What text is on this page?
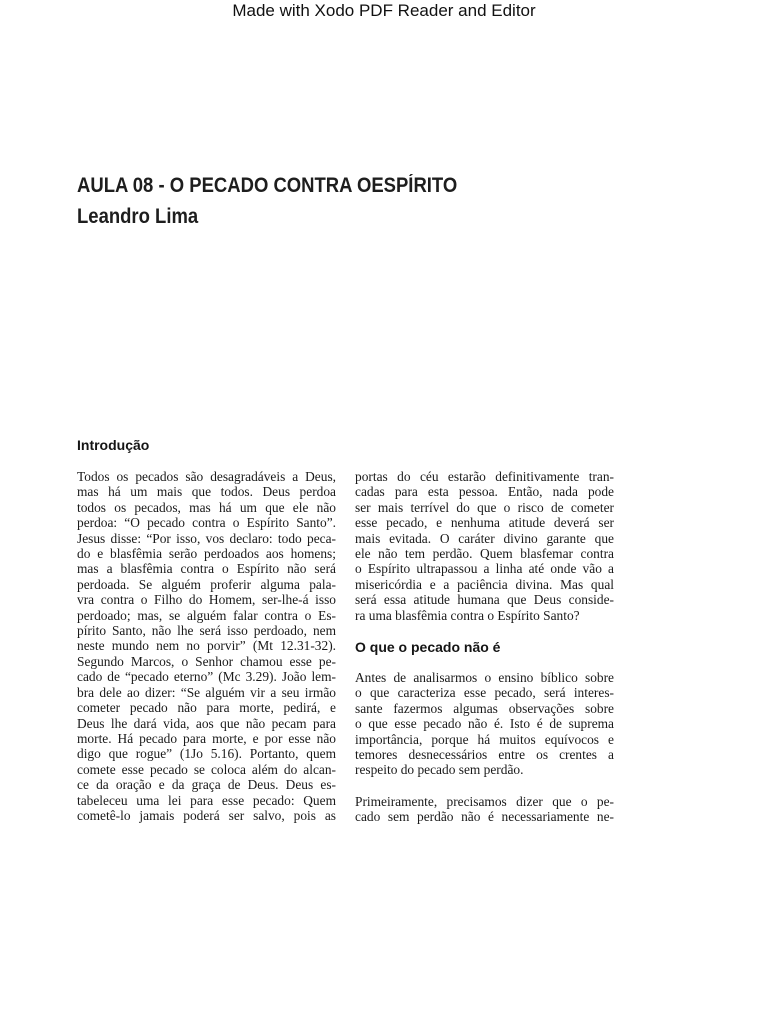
Made with Xodo PDF Reader and Editor
AULA 08 - O PECADO CONTRA OESPÍRITO
Leandro Lima
Introdução
Todos os pecados são desagradáveis a Deus,
mas há um mais que todos. Deus perdoa
todos os pecados, mas há um que ele não
perdoa: “O pecado contra o Espírito Santo”.
Jesus disse: “Por isso, vos declaro: todo peca-
do e blasfêmia serão perdoados aos homens;
mas a blasfêmia contra o Espírito não será
perdoada. Se alguém proferir alguma pala-
vra contra o Filho do Homem, ser-lhe-á isso
perdoado; mas, se alguém falar contra o Es-
pírito Santo, não lhe será isso perdoado, nem
neste mundo nem no porvir” (Mt 12.31-32).
Segundo Marcos, o Senhor chamou esse pe-
cado de “pecado eterno” (Mc 3.29). João lem-
bra dele ao dizer: “Se alguém vir a seu irmão
cometer pecado não para morte, pedirá, e
Deus lhe dará vida, aos que não pecam para
morte. Há pecado para morte, e por esse não
digo que rogue” (1Jo 5.16). Portanto, quem
comete esse pecado se coloca além do alcan-
ce da oração e da graça de Deus. Deus es-
tabeleceu uma lei para esse pecado: Quem
cometê-lo jamais poderá ser salvo, pois as
portas do céu estarão definitivamente tran-
cadas para esta pessoa. Então, nada pode
ser mais terrível do que o risco de cometer
esse pecado, e nenhuma atitude deverá ser
mais evitada. O caráter divino garante que
ele não tem perdão. Quem blasfemar contra
o Espírito ultrapassou a linha até onde vão a
misericórdia e a paciência divina. Mas qual
será essa atitude humana que Deus conside-
ra uma blasfêmia contra o Espírito Santo?
O que o pecado não é
Antes de analisarmos o ensino bíblico sobre
o que caracteriza esse pecado, será interes-
sante fazermos algumas observações sobre
o que esse pecado não é. Isto é de suprema
importância, porque há muitos equívocos e
temores desnecessários entre os crentes a
respeito do pecado sem perdão.
Primeiramente, precisamos dizer que o pe-
cado sem perdão não é necessariamente ne-
